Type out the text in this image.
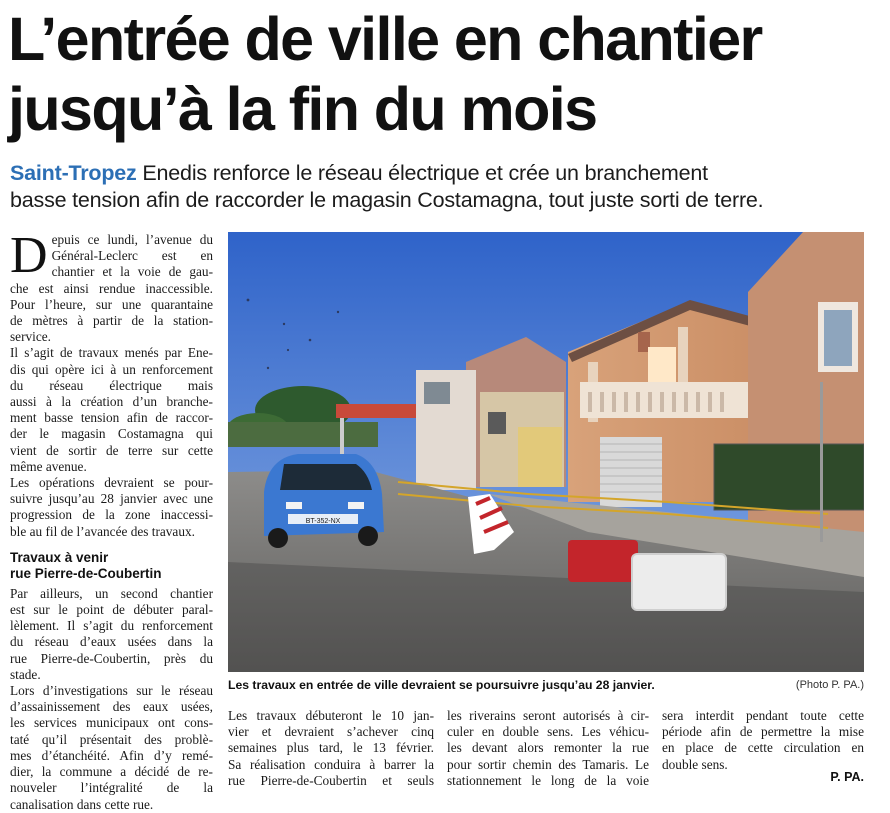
L’entrée de ville en chantier
jusqu’à la fin du mois
Saint-Tropez Enedis renforce le réseau électrique et crée un branchement
basse tension afin de raccorder le magasin Costamagna, tout juste sorti de terre.
D epuis ce lundi, l’avenue du
Général-Leclerc est en
chantier et la voie de gau-
che est ainsi rendue inaccessible.
Pour l’heure, sur une quarantaine
de mètres à partir de la station-
service.
Il s’agit de travaux menés par Ene-
dis qui opère ici à un renforcement
du réseau électrique mais
aussi à la création d’un branche-
ment basse tension afin de raccor-
der le magasin Costamagna qui
vient de sortir de terre sur cette
même avenue.
Les opérations devraient se pour-
suivre jusqu’au 28 janvier avec une
progression de la zone inaccessi-
ble au fil de l’avancée des travaux.
Travaux à venir
rue Pierre-de-Coubertin
Par ailleurs, un second chantier
est sur le point de débuter paral-
lèlement. Il s’agit du renforcement
du réseau d’eaux usées dans la
rue Pierre-de-Coubertin, près du
stade.
Lors d’investigations sur le réseau
d’assainissement des eaux usées,
les services municipaux ont cons-
taté qu’il présentait des problè-
mes d’étanchéité. Afin d’y remé-
dier, la commune a décidé de re-
nouveler l’intégralité de la
canalisation dans cette rue.
BT-352-NX
Les travaux en entrée de ville devraient se poursuivre jusqu’au 28 janvier.	(Photo P. PA.)
Les travaux débuteront le 10 jan-
vier et devraient s’achever cinq
semaines plus tard, le 13 février.
Sa réalisation conduira à barrer la
rue Pierre-de-Coubertin et seuls
les riverains seront autorisés à cir-
culer en double sens. Les véhicu-
les devant alors remonter la rue
pour sortir chemin des Tamaris. Le
stationnement le long de la voie
sera interdit pendant toute cette
période afin de permettre la mise
en place de cette circulation en
double sens.
P. PA.
